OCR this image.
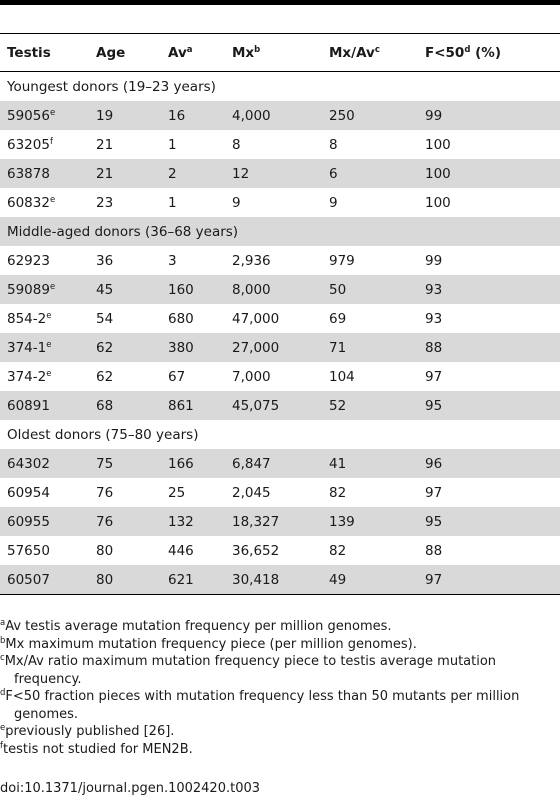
Testis	Age	Av$^a$	Mx$^b$	Mx/Av$^c$	$F<50^d$ (%)
Youngest donors (19–23 years)					
59056e	19	16	4,000	250	99
63205$^f$	21	1	8	8	100
63878	21	2	12	6	100
60832e	23	1	9	9	100
Middle-aged donors (36–68 years)					
62923	36	3	2,936	979	99
59089e	45	160	8,000	50	93
854-2e	54	680	47,000	69	93
374-1e	62	380	27,000	71	88
374-2e	62	67	7,000	104	97
60891	68	861	45,075	52	95
Oldest donors (75–80 years)					
64302	75	166	6,847	41	96
60954	76	25	2,045	82	97
60955	76	132	18,327	139	95
57650	80	446	36,652	82	88
60507	80	621	30,418	49	97

$^a$Av testis average mutation frequency per million genomes.

$^b$Mx maximum mutation frequency piece (per million genomes).

$^c$Mx/Av ratio maximum mutation frequency piece to testis average mutation
frequency.

$^d$F<50 fraction pieces with mutation frequency less than 50 mutants per million
genomes.

$^e$previously published [26].

$^f$testis not studied for MEN2B.

doi:10.1371/journal.pgen.1002420.t003
